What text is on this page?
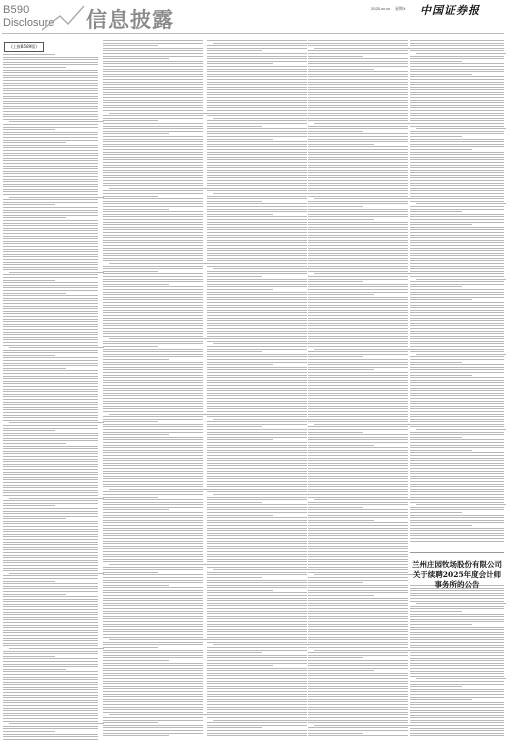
B590
Disclosure 信息披露	2025.xx.xx 星期X 中国证券报
(上接B589版)
兰州庄园牧场股份有限公司
关于续聘2025年度会计师事务所的公告
